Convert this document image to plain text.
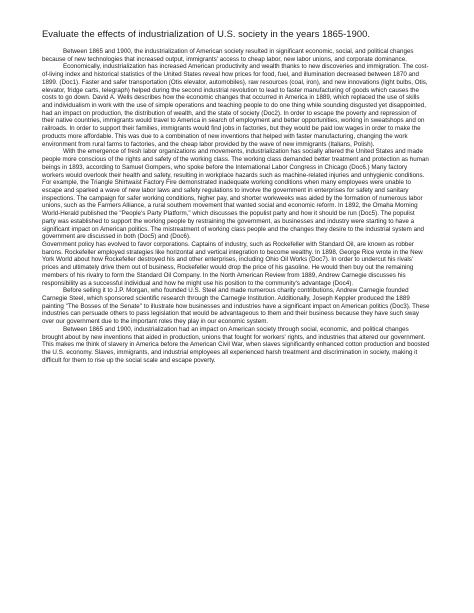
Evaluate the effects of industrialization of U.S. society in the years 1865-1900.

Between 1865 and 1900, the industrialization of American society resulted in significant economic, social, and political changes because of new technologies that increased output, immigrants' access to cheap labor, new labor unions, and corporate dominance.

Economically, industrialization has increased American productivity and wealth thanks to new discoveries and immigration. The cost-of-living index and historical statistics of the United States reveal how prices for food, fuel, and illumination decreased between 1870 and 1899. (Doc1). Faster and safer transportation (Otis elevator, automobiles), raw resources (coal, iron), and new innovations (light bulbs, Otis, elevator, fridge carts, telegraph) helped during the second industrial revolution to lead to faster manufacturing of goods which causes the costs to go down. David A. Wells describes how the economic changes that occurred in America in 1889, which replaced the use of skills and individualism in work with the use of simple operations and teaching people to do one thing while sounding disgusted yet disappointed, had an impact on production, the distribution of wealth, and the state of society (Doc2). In order to escape the poverty and repression of their native countries, immigrants would travel to America in search of employment and better opportunities, working in sweatshops and on railroads. In order to support their families, immigrants would find jobs in factories, but they would be paid low wages in order to make the products more affordable. This was due to a combination of new inventions that helped with faster manufacturing, changing the work environment from rural farms to factories, and the cheap labor provided by the wave of new immigrants (Italians, Polish).

With the emergence of fresh labor organizations and movements, industrialization has socially altered the United States and made people more conscious of the rights and safety of the working class. The working class demanded better treatment and protection as human beings in 1893, according to Samuel Gompers, who spoke before the International Labor Congress in Chicago (Doc6.) Many factory workers would overlook their health and safety, resulting in workplace hazards such as machine-related injuries and unhygienic conditions. For example, the Triangle Shirtwaist Factory Fire demonstrated inadequate working conditions when many employees were unable to escape and sparked a wave of new labor laws and safety regulations to involve the government in enterprises for safety and sanitary inspections. The campaign for safer working conditions, higher pay, and shorter workweeks was aided by the formation of numerous labor unions, such as the Farmers Alliance, a rural southern movement that wanted social and economic reform. In 1892, the Omaha Morning World-Herald published the "People's Party Platform," which discusses the populist party and how it should be run (Doc5). The populist party was established to support the working people by restraining the government, as businesses and industry were starting to have a significant impact on American politics. The mistreatment of working class people and the changes they desire to the industrial system and government are discussed in both (Doc5) and (Doc6).

Government policy has evolved to favor corporations. Captains of industry, such as Rockefeller with Standard Oil, are known as robber barons. Rockefeller employed strategies like horizontal and vertical integration to become wealthy. In 1898, George Rice wrote in the New York World about how Rockefeller destroyed his and other enterprises, including Ohio Oil Works (Doc7). In order to undercut his rivals' prices and ultimately drive them out of business, Rockefeller would drop the price of his gasoline. He would then buy out the remaining members of his rivalry to form the Standard Oil Company. In the North American Review from 1889, Andrew Carnegie discusses his responsibility as a successful individual and how he might use his position to the community's advantage (Doc4).

Before selling it to J.P. Morgan, who founded U.S. Steel and made numerous charity contributions, Andrew Carnegie founded Carnegie Steel, which sponsored scientific research through the Carnegie Institution. Additionally, Joseph Keppler produced the 1889 painting "The Bosses of the Senate" to illustrate how businesses and industries have a significant impact on American politics (Doc3). These industries can persuade others to pass legislation that would be advantageous to them and their business because they have such sway over our government due to the important roles they play in our economic system.

Between 1865 and 1900, industrialization had an impact on American society through social, economic, and political changes brought about by new inventions that aided in production, unions that fought for workers' rights, and industries that altered our government. This makes me think of slavery in America before the American Civil War, when slaves significantly enhanced cotton production and boosted the U.S. economy. Slaves, immigrants, and industrial employees all experienced harsh treatment and discrimination in society, making it difficult for them to rise up the social scale and escape poverty.
